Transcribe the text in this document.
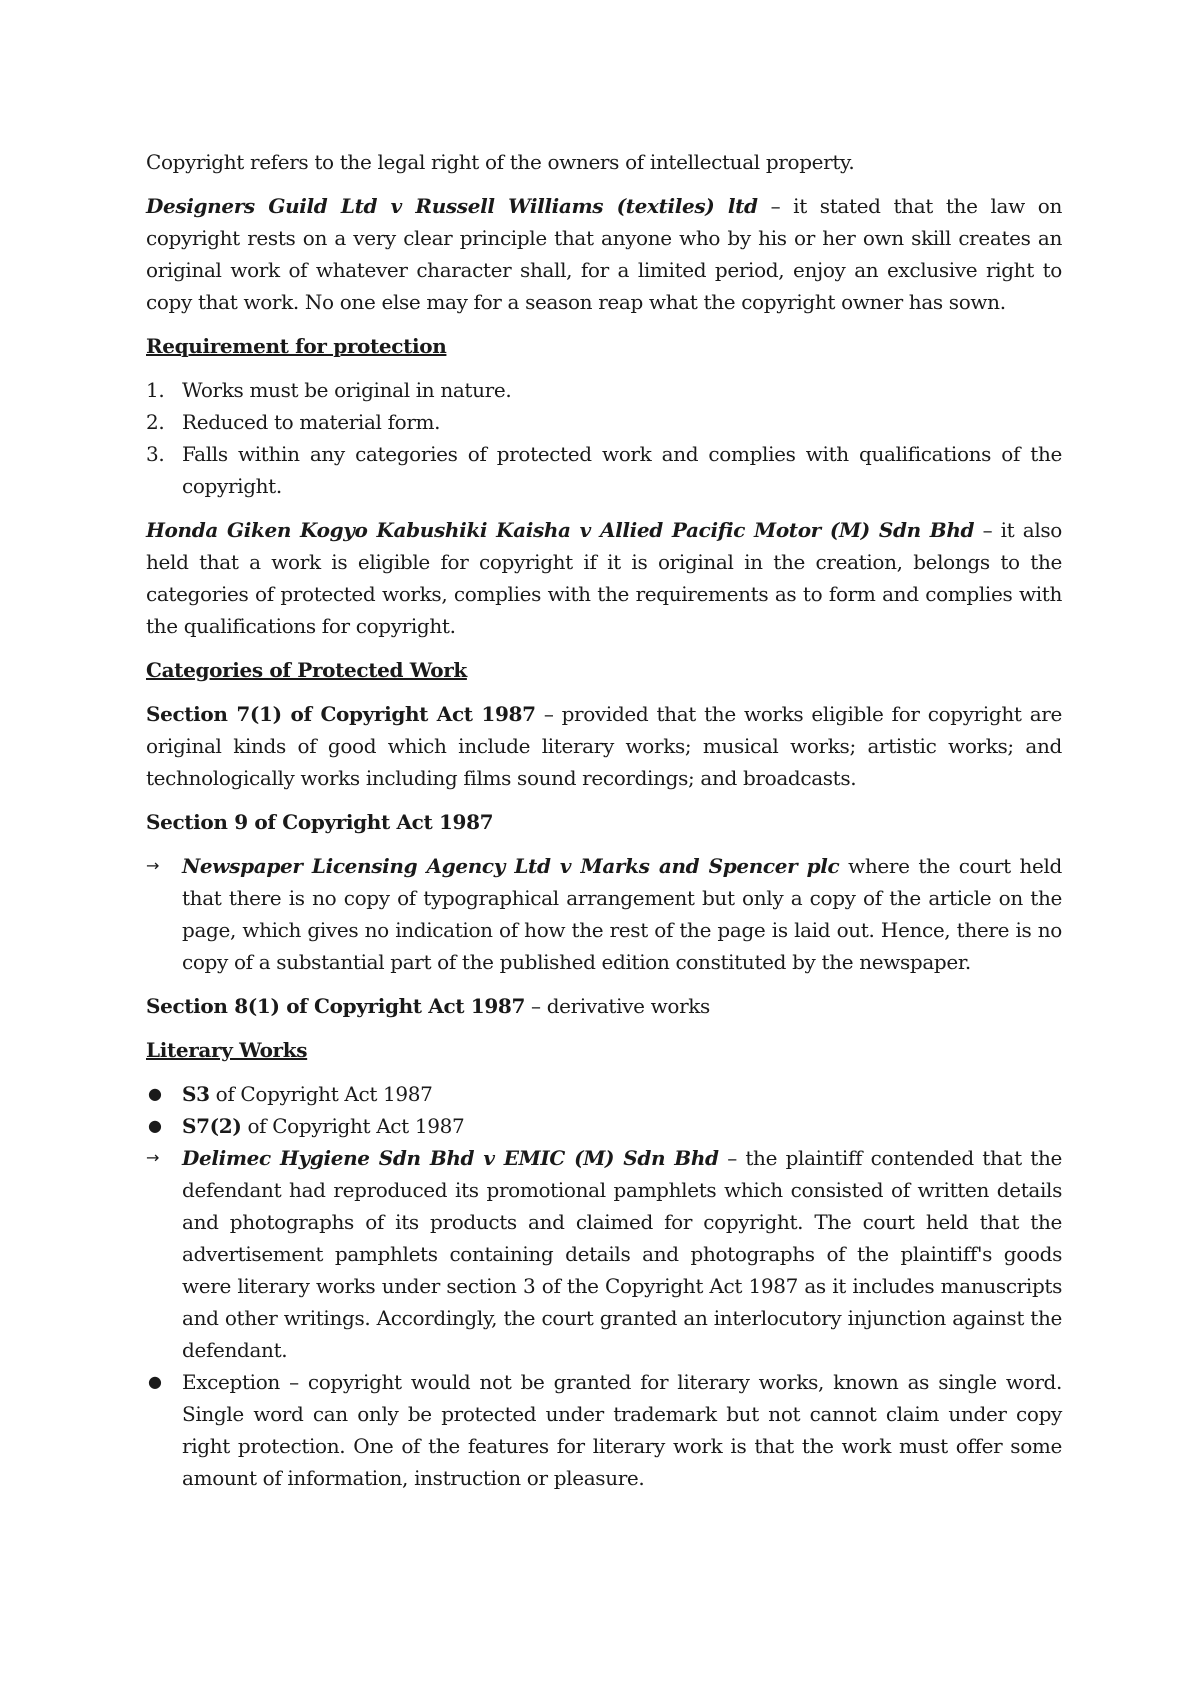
Copyright refers to the legal right of the owners of intellectual property.

Designers Guild Ltd v Russell Williams (textiles) ltd – it stated that the law on copyright rests on a very clear principle that anyone who by his or her own skill creates an original work of whatever character shall, for a limited period, enjoy an exclusive right to copy that work. No one else may for a season reap what the copyright owner has sown.

Requirement for protection

1. Works must be original in nature.
2. Reduced to material form.
3. Falls within any categories of protected work and complies with qualifications of the copyright.

Honda Giken Kogyo Kabushiki Kaisha v Allied Pacific Motor (M) Sdn Bhd – it also held that a work is eligible for copyright if it is original in the creation, belongs to the categories of protected works, complies with the requirements as to form and complies with the qualifications for copyright.

Categories of Protected Work

Section 7(1) of Copyright Act 1987 – provided that the works eligible for copyright are original kinds of good which include literary works; musical works; artistic works; and technologically works including films sound recordings; and broadcasts.

Section 9 of Copyright Act 1987

→ Newspaper Licensing Agency Ltd v Marks and Spencer plc where the court held that there is no copy of typographical arrangement but only a copy of the article on the page, which gives no indication of how the rest of the page is laid out. Hence, there is no copy of a substantial part of the published edition constituted by the newspaper.

Section 8(1) of Copyright Act 1987 – derivative works

Literary Works

● S3 of Copyright Act 1987
● S7(2) of Copyright Act 1987
→ Delimec Hygiene Sdn Bhd v EMIC (M) Sdn Bhd – the plaintiff contended that the defendant had reproduced its promotional pamphlets which consisted of written details and photographs of its products and claimed for copyright. The court held that the advertisement pamphlets containing details and photographs of the plaintiff's goods were literary works under section 3 of the Copyright Act 1987 as it includes manuscripts and other writings. Accordingly, the court granted an interlocutory injunction against the defendant.
● Exception – copyright would not be granted for literary works, known as single word. Single word can only be protected under trademark but not cannot claim under copy right protection. One of the features for literary work is that the work must offer some amount of information, instruction or pleasure.
